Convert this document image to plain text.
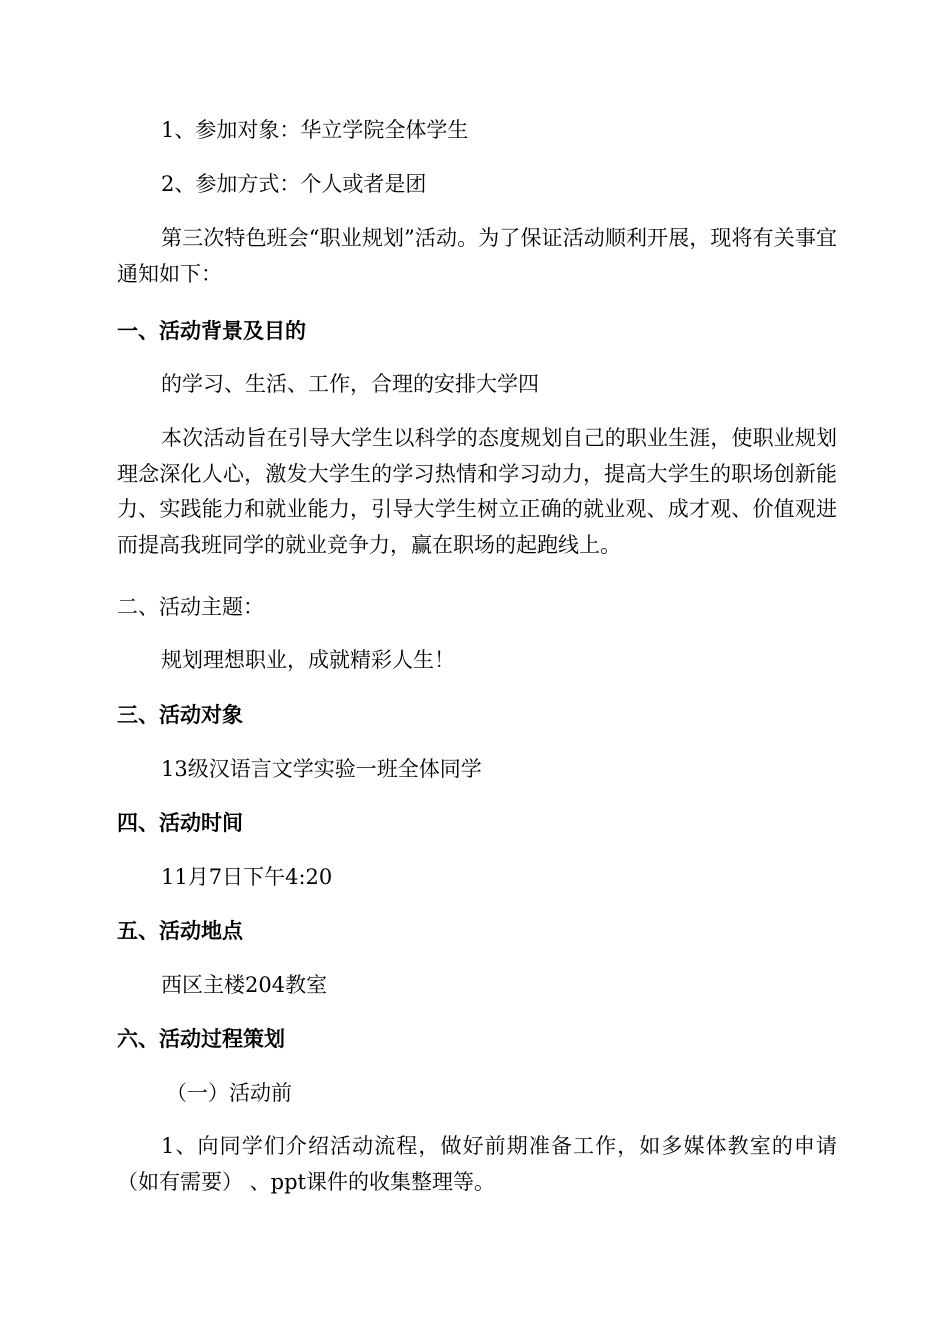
1、参加对象：华立学院全体学生
2、参加方式：个人或者是团
第三次特色班会“职业规划”活动。为了保证活动顺利开展，现将有关事宜通知如下：
一、活动背景及目的
的学习、生活、工作，合理的安排大学四
本次活动旨在引导大学生以科学的态度规划自己的职业生涯，使职业规划理念深化人心，激发大学生的学习热情和学习动力，提高大学生的职场创新能力、实践能力和就业能力，引导大学生树立正确的就业观、成才观、价值观进而提高我班同学的就业竞争力，赢在职场的起跑线上。
二、活动主题：
规划理想职业，成就精彩人生！
三、活动对象
13级汉语言文学实验一班全体同学
四、活动时间
11月7日下午4:20
五、活动地点
西区主楼204教室
六、活动过程策划
（一）活动前
1、向同学们介绍活动流程，做好前期准备工作，如多媒体教室的申请（如有需要） 、ppt课件的收集整理等。
